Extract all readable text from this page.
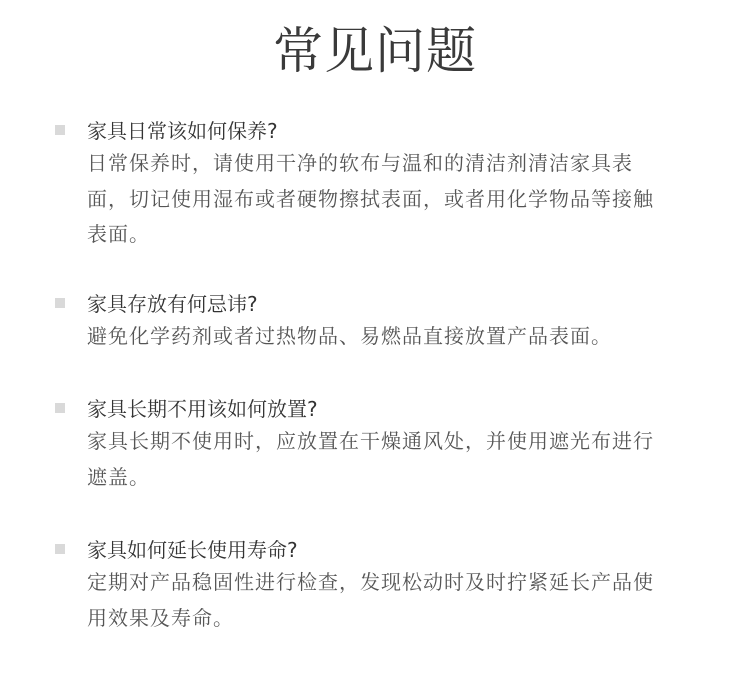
常见问题
家具日常该如何保养?

日常保养时，请使用干净的软布与温和的清洁剂清洁家具表面，切记使用湿布或者硬物擦拭表面，或者用化学物品等接触表面。

家具存放有何忌讳?

避免化学药剂或者过热物品、易燃品直接放置产品表面。

家具长期不用该如何放置?

家具长期不使用时，应放置在干燥通风处，并使用遮光布进行遮盖。

家具如何延长使用寿命?

定期对产品稳固性进行检查，发现松动时及时拧紧延长产品使用效果及寿命。
